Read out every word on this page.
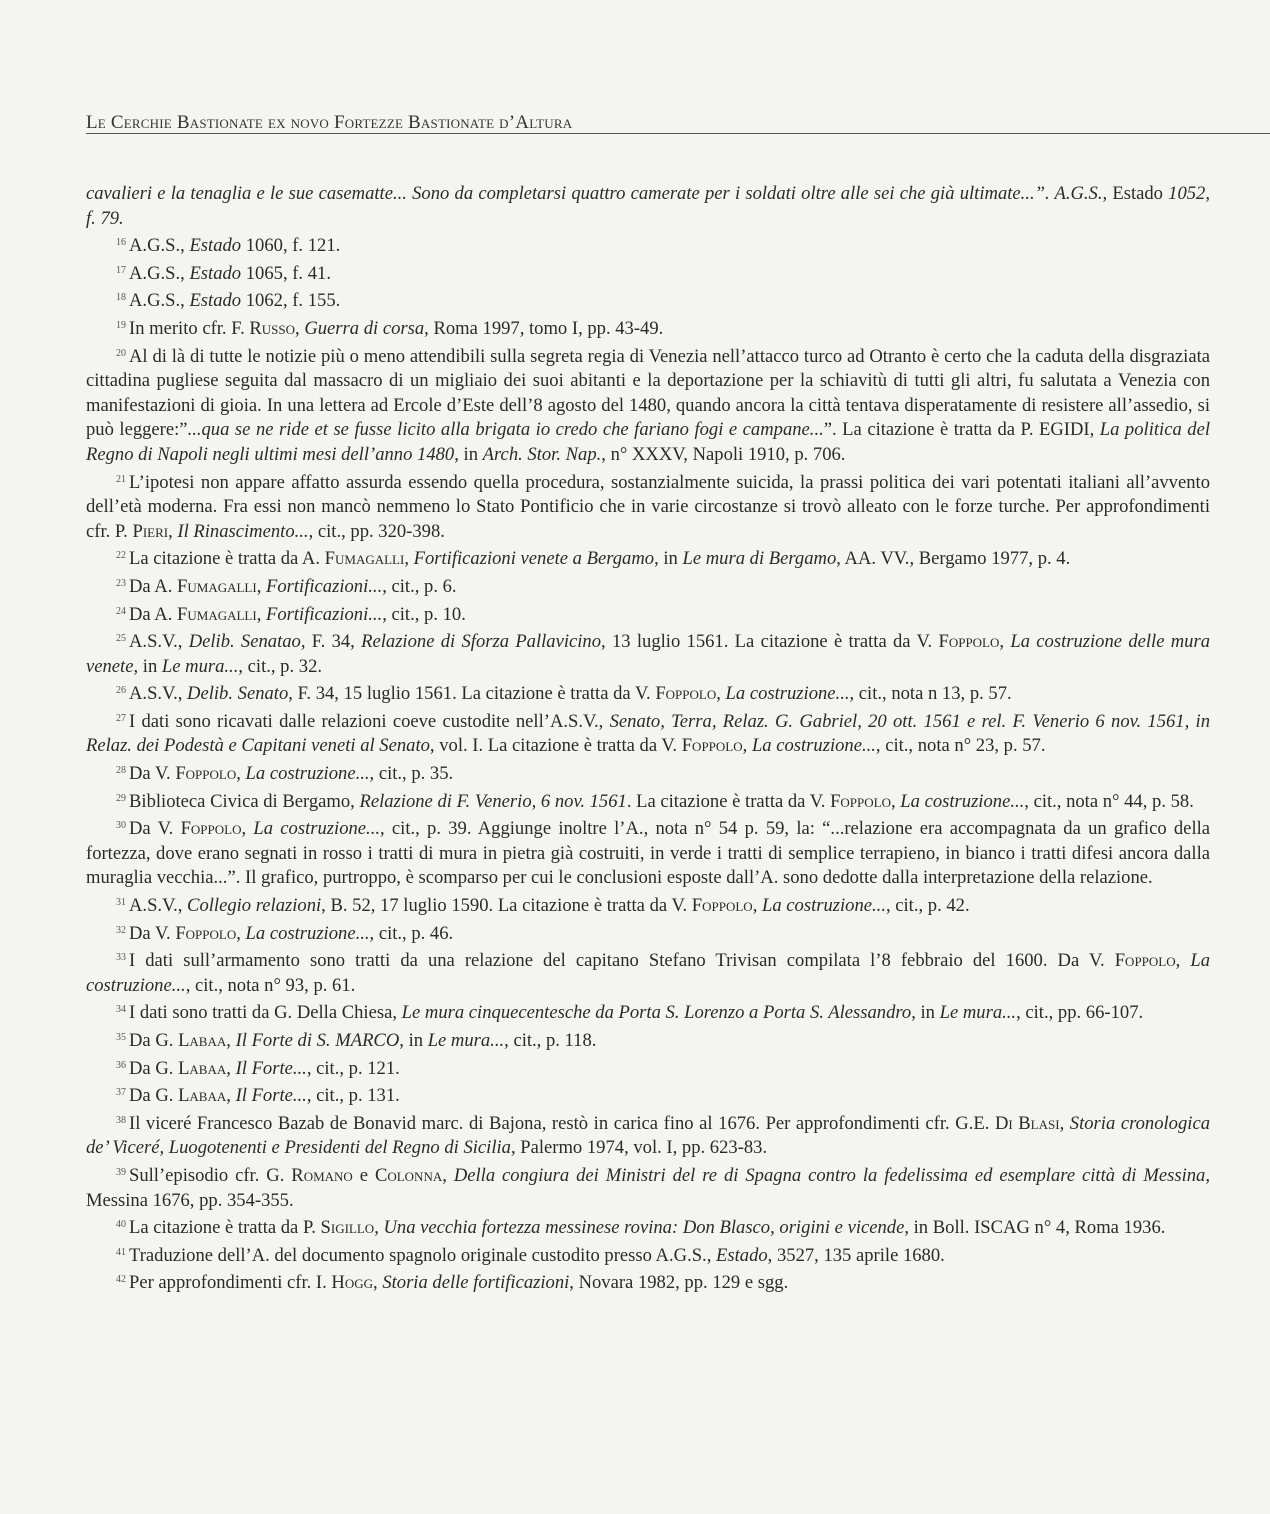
Le Cerchie Bastionate ex novo Fortezze Bastionate d’Altura

cavalieri e la tenaglia e le sue casematte... Sono da completarsi quattro camerate per i soldati oltre alle sei che già ultimate...”. A.G.S., Estado 1052, f. 79.

$^{16}$ A.G.S., Estado 1060, f. 121.

$^{17}$ A.G.S., Estado 1065, f. 41.

$^{18}$ A.G.S., Estado 1062, f. 155.

$^{19}$ In merito cfr. F. Russo, Guerra di corsa, Roma 1997, tomo I, pp. 43-49.

$^{20}$ Al di là di tutte le notizie più o meno attendibili sulla segreta regia di Venezia nell’attacco turco ad Otranto è certo che la caduta della disgraziata cittadina pugliese seguita dal massacro di un migliaio dei suoi abitanti e la deportazione per la schiavitù di tutti gli altri, fu salutata a Venezia con manifestazioni di gioia. In una lettera ad Ercole d’Este dell’8 agosto del 1480, quando ancora la città tentava disperatamente di resistere all’assedio, si può leggere:”...qua se ne ride et se fusse licito alla brigata io credo che fariano fogi e campane...”. La citazione è tratta da P. EGIDI, La politica del Regno di Napoli negli ultimi mesi dell’anno 1480, in Arch. Stor. Nap., n° XXXV, Napoli 1910, p. 706.

$^{21}$ L’ipotesi non appare affatto assurda essendo quella procedura, sostanzialmente suicida, la prassi politica dei vari potentati italiani all’avvento dell’età moderna. Fra essi non mancò nemmeno lo Stato Pontificio che in varie circostanze si trovò alleato con le forze turche. Per approfondimenti cfr. P. Pieri, Il Rinascimento..., cit., pp. 320-398.

$^{22}$ La citazione è tratta da A. Fumagalli, Fortificazioni venete a Bergamo, in Le mura di Bergamo, AA. VV., Bergamo 1977, p. 4.

$^{23}$ Da A. Fumagalli, Fortificazioni..., cit., p. 6.

$^{24}$ Da A. Fumagalli, Fortificazioni..., cit., p. 10.

$^{25}$ A.S.V., Delib. Senatao, F. 34, Relazione di Sforza Pallavicino, 13 luglio 1561. La citazione è tratta da V. Foppolo, La costruzione delle mura venete, in Le mura..., cit., p. 32.

$^{26}$ A.S.V., Delib. Senato, F. 34, 15 luglio 1561. La citazione è tratta da V. Foppolo, La costruzione..., cit., nota n 13, p. 57.

$^{27}$ I dati sono ricavati dalle relazioni coeve custodite nell’A.S.V., Senato, Terra, Relaz. G. Gabriel, 20 ott. 1561 e rel. F. Venerio 6 nov. 1561, in Relaz. dei Podestà e Capitani veneti al Senato, vol. I. La citazione è tratta da V. Foppolo, La costruzione..., cit., nota n° 23, p. 57.

$^{28}$ Da V. Foppolo, La costruzione..., cit., p. 35.

$^{29}$ Biblioteca Civica di Bergamo, Relazione di F. Venerio, 6 nov. 1561. La citazione è tratta da V. Foppolo, La costruzione..., cit., nota n° 44, p. 58.

$^{30}$ Da V. Foppolo, La costruzione..., cit., p. 39. Aggiunge inoltre l’A., nota n° 54 p. 59, la: “...relazione era accompagnata da un grafico della fortezza, dove erano segnati in rosso i tratti di mura in pietra già costruiti, in verde i tratti di semplice terrapieno, in bianco i tratti difesi ancora dalla muraglia vecchia...”. Il grafico, purtroppo, è scomparso per cui le conclusioni esposte dall’A. sono dedotte dalla interpretazione della relazione.

$^{31}$ A.S.V., Collegio relazioni, B. 52, 17 luglio 1590. La citazione è tratta da V. Foppolo, La costruzione..., cit., p. 42.

$^{32}$ Da V. Foppolo, La costruzione..., cit., p. 46.

$^{33}$ I dati sull’armamento sono tratti da una relazione del capitano Stefano Trivisan compilata l’8 febbraio del 1600. Da V. Foppolo, La costruzione..., cit., nota n° 93, p. 61.

$^{34}$ I dati sono tratti da G. Della Chiesa, Le mura cinquecentesche da Porta S. Lorenzo a Porta S. Alessandro, in Le mura..., cit., pp. 66-107.

$^{35}$ Da G. Labaa, Il Forte di S. MARCO, in Le mura..., cit., p. 118.

$^{36}$ Da G. Labaa, Il Forte..., cit., p. 121.

$^{37}$ Da G. Labaa, Il Forte..., cit., p. 131.

$^{38}$ Il viceré Francesco Bazab de Bonavid marc. di Bajona, restò in carica fino al 1676. Per approfondimenti cfr. G.E. Di Blasi, Storia cronologica de’ Viceré, Luogotenenti e Presidenti del Regno di Sicilia, Palermo 1974, vol. I, pp. 623-83.

$^{39}$ Sull’episodio cfr. G. Romano e Colonna, Della congiura dei Ministri del re di Spagna contro la fedelissima ed esemplare città di Messina, Messina 1676, pp. 354-355.

$^{40}$ La citazione è tratta da P. Sigillo, Una vecchia fortezza messinese rovina: Don Blasco, origini e vicende, in Boll. ISCAG n° 4, Roma 1936.

$^{41}$ Traduzione dell’A. del documento spagnolo originale custodito presso A.G.S., Estado, 3527, 135 aprile 1680.

$^{42}$ Per approfondimenti cfr. I. Hogg, Storia delle fortificazioni, Novara 1982, pp. 129 e sgg.
